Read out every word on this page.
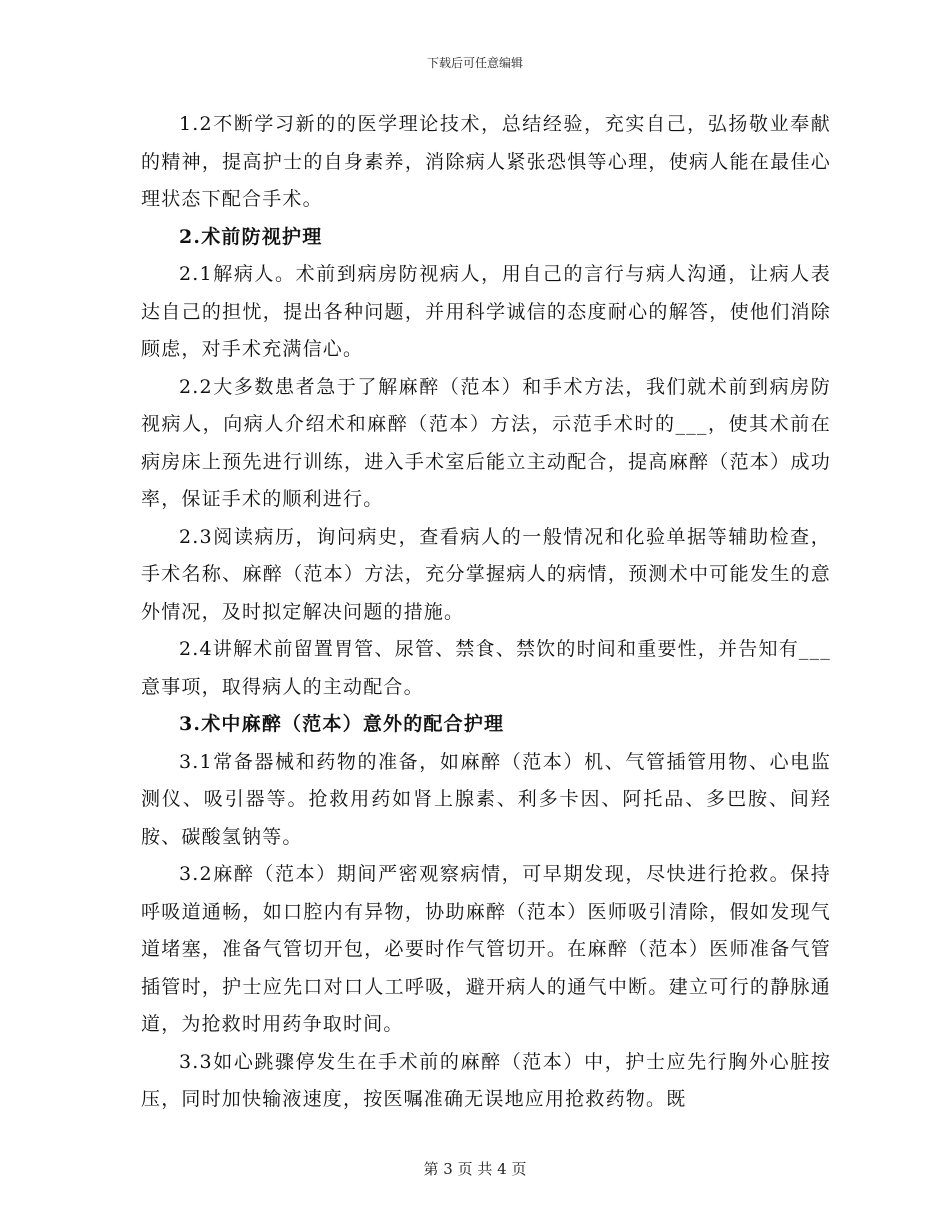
下载后可任意编辑

1.2不断学习新的的医学理论技术，总结经验，充实自己，弘扬敬业奉献的精神，提高护士的自身素养，消除病人紧张恐惧等心理，使病人能在最佳心理状态下配合手术。

2.术前防视护理

2.1解病人。术前到病房防视病人，用自己的言行与病人沟通，让病人表达自己的担忧，提出各种问题，并用科学诚信的态度耐心的解答，使他们消除顾虑，对手术充满信心。

2.2大多数患者急于了解麻醉（范本）和手术方法，我们就术前到病房防视病人，向病人介绍术和麻醉（范本）方法，示范手术时的___，使其术前在病房床上预先进行训练，进入手术室后能立主动配合，提高麻醉（范本）成功率，保证手术的顺利进行。

2.3阅读病历，询问病史，查看病人的一般情况和化验单据等辅助检查，手术名称、麻醉（范本）方法，充分掌握病人的病情，预测术中可能发生的意外情况，及时拟定解决问题的措施。

2.4讲解术前留置胃管、尿管、禁食、禁饮的时间和重要性，并告知有___意事项，取得病人的主动配合。

3.术中麻醉（范本）意外的配合护理

3.1常备器械和药物的准备，如麻醉（范本）机、气管插管用物、心电监测仪、吸引器等。抢救用药如肾上腺素、利多卡因、阿托品、多巴胺、间羟胺、碳酸氢钠等。

3.2麻醉（范本）期间严密观察病情，可早期发现，尽快进行抢救。保持呼吸道通畅，如口腔内有异物，协助麻醉（范本）医师吸引清除，假如发现气道堵塞，准备气管切开包，必要时作气管切开。在麻醉（范本）医师准备气管插管时，护士应先口对口人工呼吸，避开病人的通气中断。建立可行的静脉通道，为抢救时用药争取时间。

3.3如心跳骤停发生在手术前的麻醉（范本）中，护士应先行胸外心脏按压，同时加快输液速度，按医嘱准确无误地应用抢救药物。既

第 3 页 共 4 页
